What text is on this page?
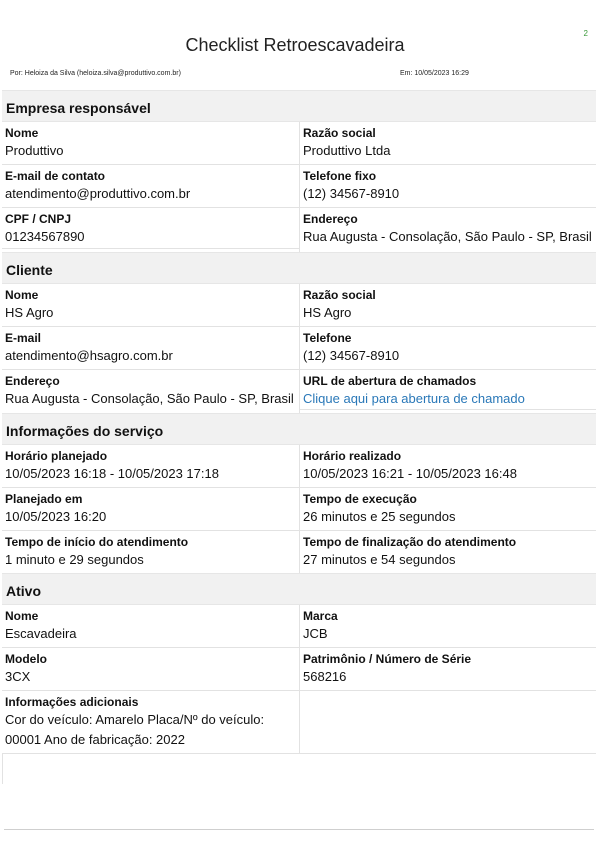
2
Checklist Retroescavadeira
Por: Heloiza da Silva (heloiza.silva@produttivo.com.br)	Em: 10/05/2023 16:29
Empresa responsável
Nome
Produttivo
Razão social
Produttivo Ltda
E-mail de contato
atendimento@produttivo.com.br
Telefone fixo
(12) 34567-8910
CPF / CNPJ
01234567890
Endereço
Rua Augusta - Consolação, São Paulo - SP, Brasil
Cliente
Nome
HS Agro
Razão social
HS Agro
E-mail
atendimento@hsagro.com.br
Telefone
(12) 34567-8910
Endereço
Rua Augusta - Consolação, São Paulo - SP, Brasil
URL de abertura de chamados
Clique aqui para abertura de chamado
Informações do serviço
Horário planejado
10/05/2023 16:18 - 10/05/2023 17:18
Horário realizado
10/05/2023 16:21 - 10/05/2023 16:48
Planejado em
10/05/2023 16:20
Tempo de execução
26 minutos e 25 segundos
Tempo de início do atendimento
1 minuto e 29 segundos
Tempo de finalização do atendimento
27 minutos e 54 segundos
Ativo
Nome
Escavadeira
Marca
JCB
Modelo
3CX
Patrimônio / Número de Série
568216
Informações adicionais
Cor do veículo: Amarelo Placa/Nº do veículo: 00001 Ano de fabricação: 2022
